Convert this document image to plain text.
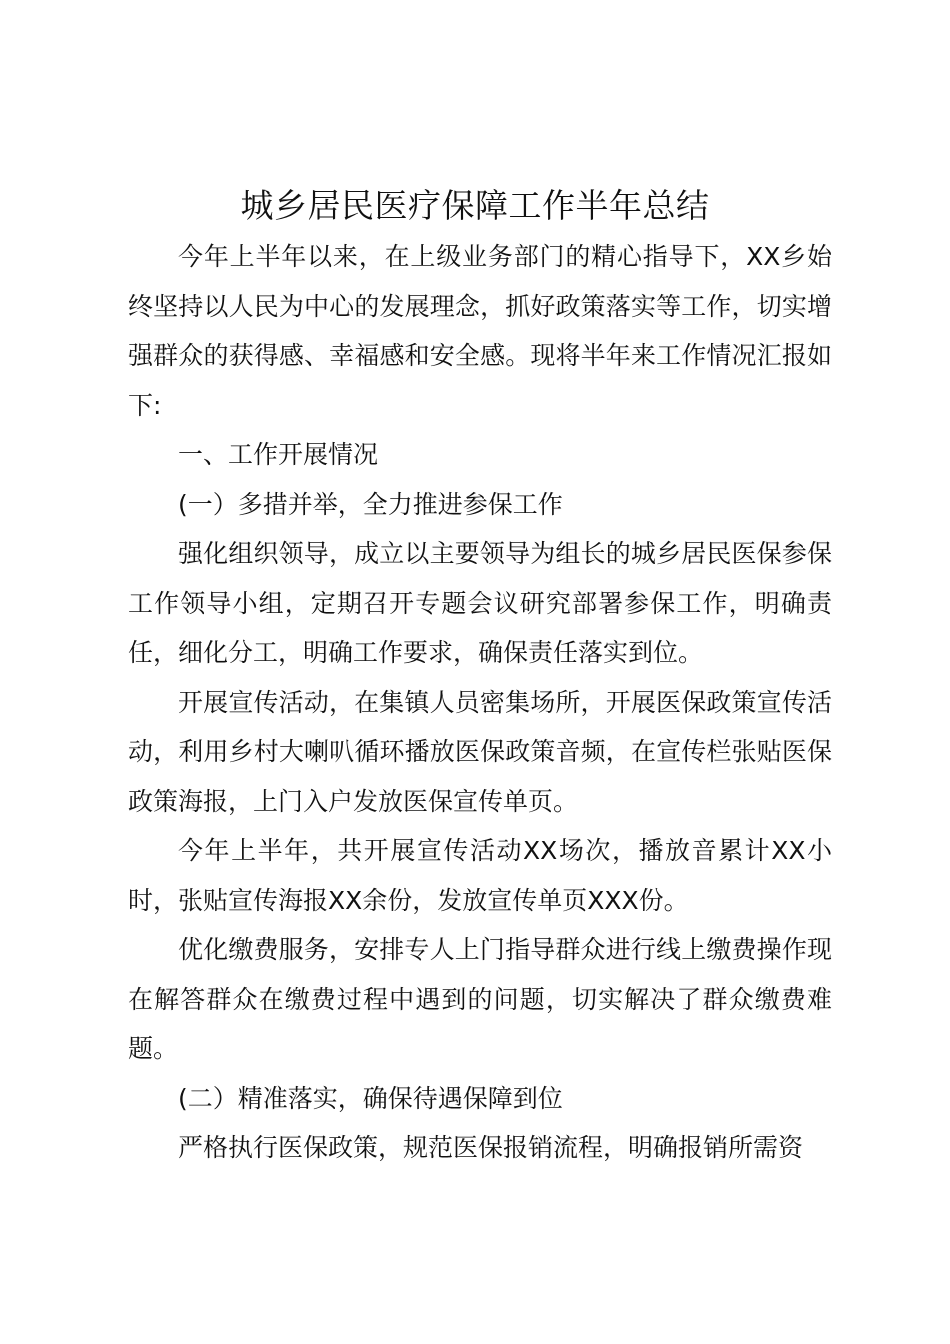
城乡居民医疗保障工作半年总结

今年上半年以来，在上级业务部门的精心指导下，XX乡始终坚持以人民为中心的发展理念，抓好政策落实等工作，切实增强群众的获得感、幸福感和安全感。现将半年来工作情况汇报如下:

一、工作开展情况

(一）多措并举，全力推进参保工作

强化组织领导，成立以主要领导为组长的城乡居民医保参保工作领导小组，定期召开专题会议研究部署参保工作，明确责任，细化分工，明确工作要求，确保责任落实到位。

开展宣传活动，在集镇人员密集场所，开展医保政策宣传活动，利用乡村大喇叭循环播放医保政策音频，在宣传栏张贴医保政策海报，上门入户发放医保宣传单页。

今年上半年，共开展宣传活动XX场次，播放音累计XX小时，张贴宣传海报XX余份，发放宣传单页XXX份。

优化缴费服务，安排专人上门指导群众进行线上缴费操作现在解答群众在缴费过程中遇到的问题，切实解决了群众缴费难题。

(二）精准落实，确保待遇保障到位

严格执行医保政策，规范医保报销流程，明确报销所需资
